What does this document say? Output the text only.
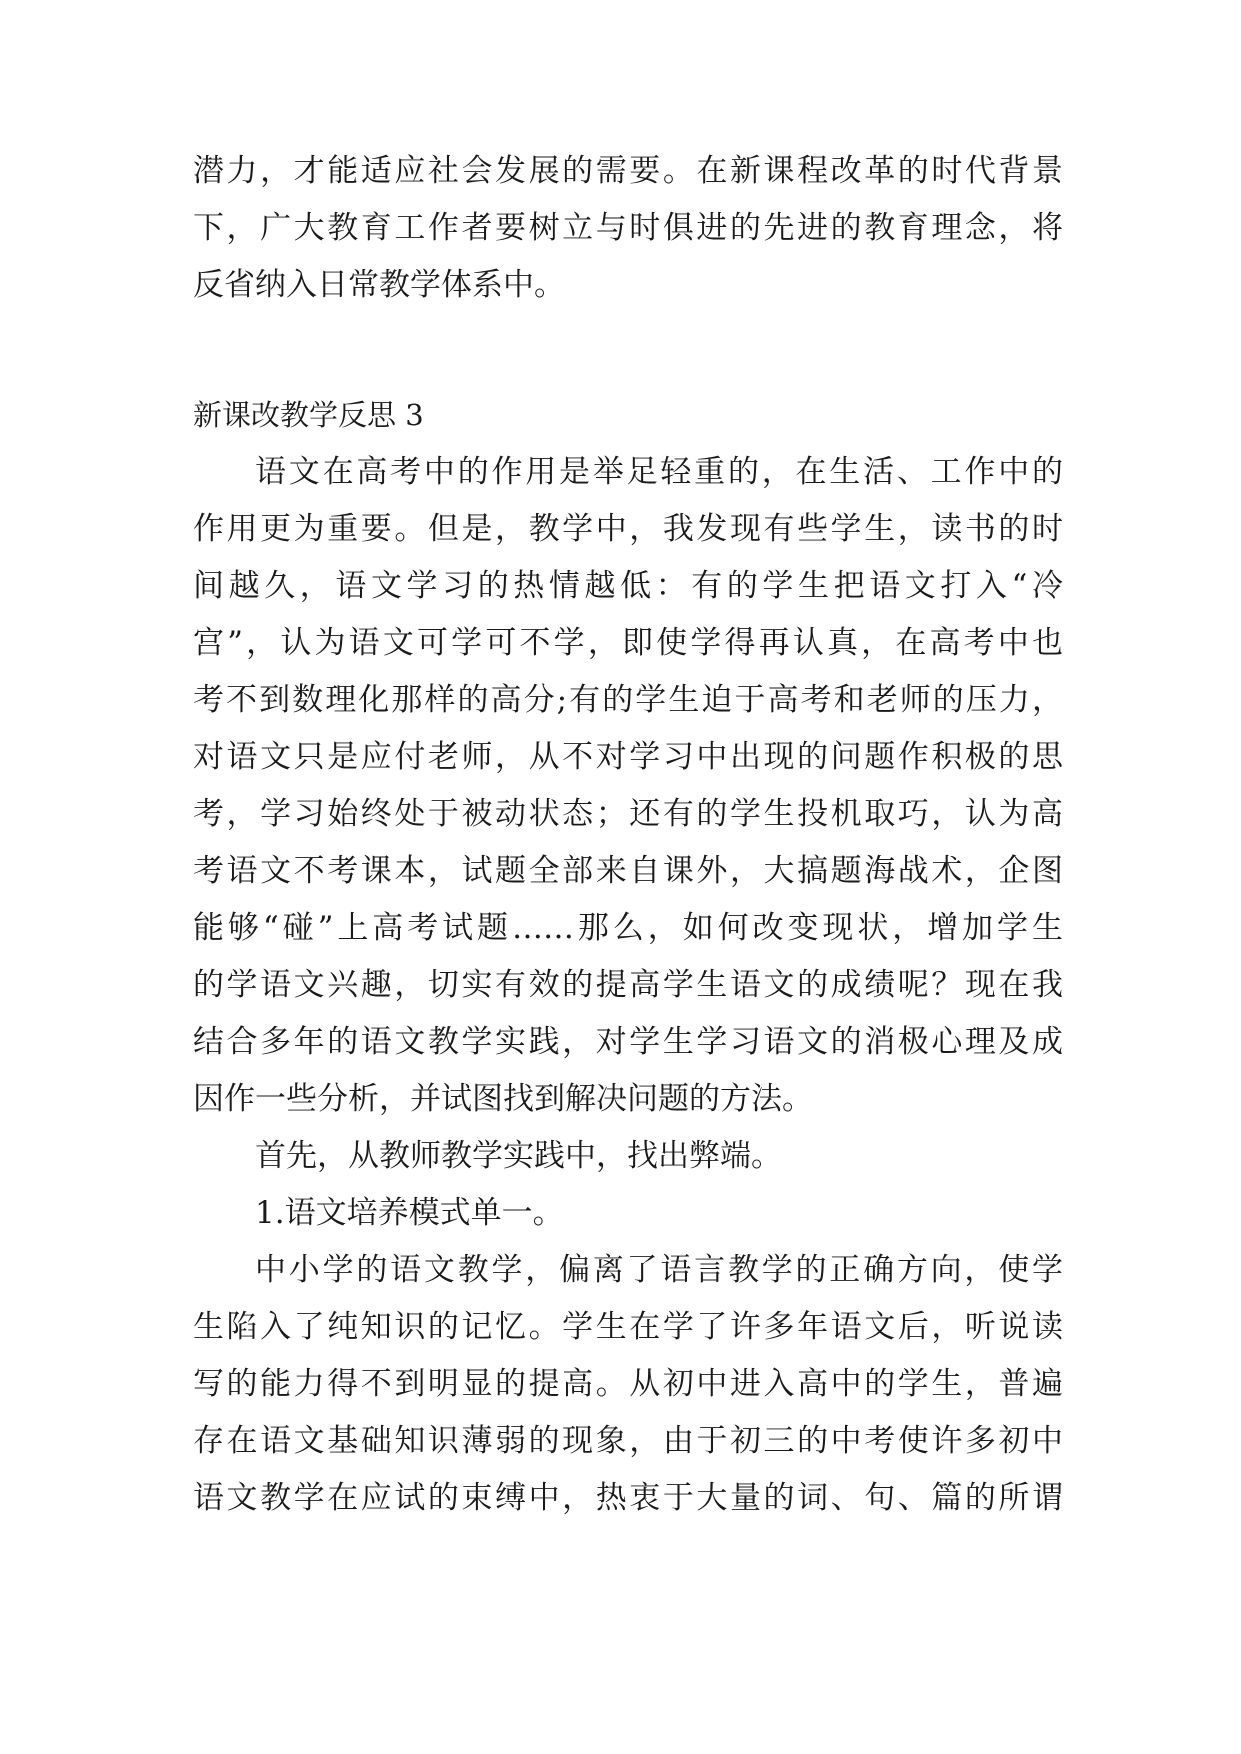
潜力，才能适应社会发展的需要。在新课程改革的时代背景
下，广大教育工作者要树立与时俱进的先进的教育理念，将
反省纳入日常教学体系中。
新课改教学反思 3
语文在高考中的作用是举足轻重的，在生活、工作中的
作用更为重要。但是，教学中，我发现有些学生，读书的时
间越久，语文学习的热情越低：有的学生把语文打入“冷
宫”，认为语文可学可不学，即使学得再认真，在高考中也
考不到数理化那样的高分;有的学生迫于高考和老师的压力，
对语文只是应付老师，从不对学习中出现的问题作积极的思
考，学习始终处于被动状态；还有的学生投机取巧，认为高
考语文不考课本，试题全部来自课外，大搞题海战术，企图
能够“碰”上高考试题……那么，如何改变现状，增加学生
的学语文兴趣，切实有效的提高学生语文的成绩呢？现在我
结合多年的语文教学实践，对学生学习语文的消极心理及成
因作一些分析，并试图找到解决问题的方法。
首先，从教师教学实践中，找出弊端。
1.语文培养模式单一。
中小学的语文教学，偏离了语言教学的正确方向，使学
生陷入了纯知识的记忆。学生在学了许多年语文后，听说读
写的能力得不到明显的提高。从初中进入高中的学生，普遍
存在语文基础知识薄弱的现象，由于初三的中考使许多初中
语文教学在应试的束缚中，热衷于大量的词、句、篇的所谓
